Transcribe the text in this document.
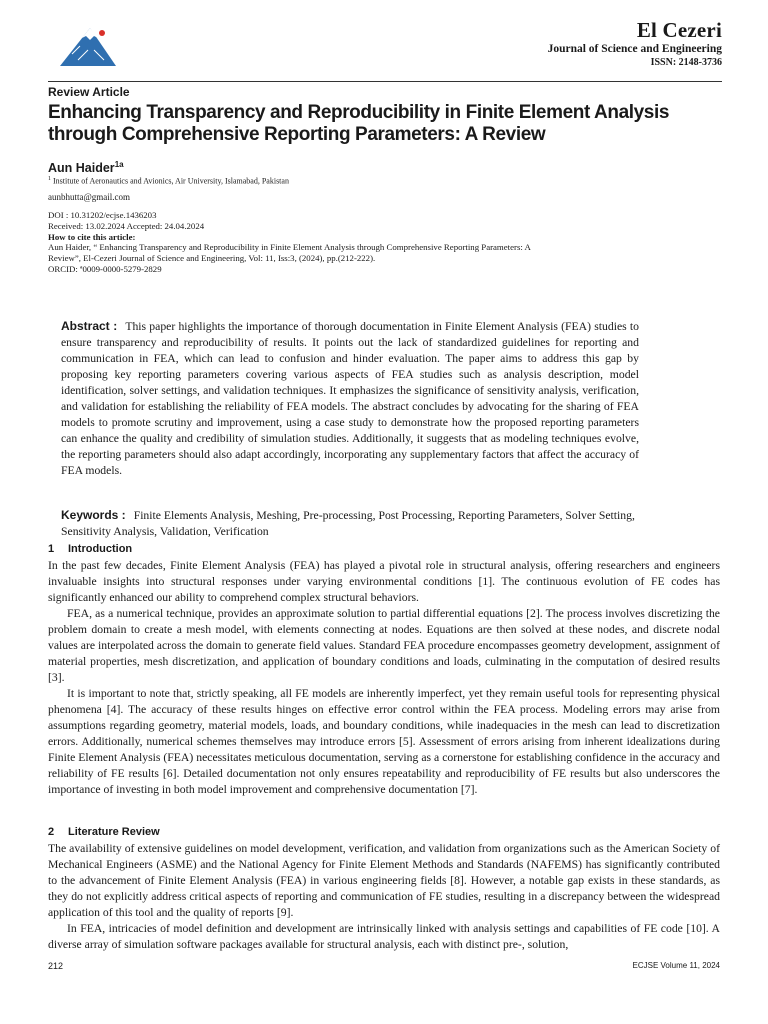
El Cezeri
Journal of Science and Engineering
ISSN: 2148-3736
Review Article
Enhancing Transparency and Reproducibility in Finite Element Analysis through Comprehensive Reporting Parameters: A Review
Aun Haider$^{1a}$
$^1$ Institute of Aeronautics and Avionics, Air University, Islamabad, Pakistan
aunbhutta@gmail.com
DOI : 10.31202/ecjse.1436203
Received: 13.02.2024 Accepted: 24.04.2024
How to cite this article:
Aun Haider, “ Enhancing Transparency and Reproducibility in Finite Element Analysis through Comprehensive Reporting Parameters: A
Review”, El-Cezeri Journal of Science and Engineering, Vol: 11, Iss:3, (2024), pp.(212-222).
ORCID: ª0009-0000-5279-2829
Abstract : This paper highlights the importance of thorough documentation in Finite Element Analysis (FEA) studies to ensure transparency and reproducibility of results. It points out the lack of standardized guidelines for reporting and communication in FEA, which can lead to confusion and hinder evaluation. The paper aims to address this gap by proposing key reporting parameters covering various aspects of FEA studies such as analysis description, model identification, solver settings, and validation techniques. It emphasizes the significance of sensitivity analysis, verification, and validation for establishing the reliability of FEA models. The abstract concludes by advocating for the sharing of FEA models to promote scrutiny and improvement, using a case study to demonstrate how the proposed reporting parameters can enhance the quality and credibility of simulation studies. Additionally, it suggests that as modeling techniques evolve, the reporting parameters should also adapt accordingly, incorporating any supplementary factors that affect the accuracy of FEA models.
Keywords : Finite Elements Analysis, Meshing, Pre-processing, Post Processing, Reporting Parameters, Solver Setting, Sensitivity Analysis, Validation, Verification
1 Introduction

In the past few decades, Finite Element Analysis (FEA) has played a pivotal role in structural analysis, offering researchers and engineers invaluable insights into structural responses under varying environmental conditions [1]. The continuous evolution of FE codes has significantly enhanced our ability to comprehend complex structural behaviors.

FEA, as a numerical technique, provides an approximate solution to partial differential equations [2]. The process involves discretizing the problem domain to create a mesh model, with elements connecting at nodes. Equations are then solved at these nodes, and discrete nodal values are interpolated across the domain to generate field values. Standard FEA procedure encompasses geometry development, assignment of material properties, mesh discretization, and application of boundary conditions and loads, culminating in the computation of desired results [3].

It is important to note that, strictly speaking, all FE models are inherently imperfect, yet they remain useful tools for representing physical phenomena [4]. The accuracy of these results hinges on effective error control within the FEA process. Modeling errors may arise from assumptions regarding geometry, material models, loads, and boundary conditions, while inadequacies in the mesh can lead to discretization errors. Additionally, numerical schemes themselves may introduce errors [5]. Assessment of errors arising from inherent idealizations during Finite Element Analysis (FEA) necessitates meticulous documentation, serving as a cornerstone for establishing confidence in the accuracy and reliability of FE results [6]. Detailed documentation not only ensures repeatability and reproducibility of FE results but also underscores the importance of investing in both model improvement and comprehensive documentation [7].

2 Literature Review

The availability of extensive guidelines on model development, verification, and validation from organizations such as the American Society of Mechanical Engineers (ASME) and the National Agency for Finite Element Methods and Standards (NAFEMS) has significantly contributed to the advancement of Finite Element Analysis (FEA) in various engineering fields [8]. However, a notable gap exists in these standards, as they do not explicitly address critical aspects of reporting and communication of FE studies, resulting in a discrepancy between the widespread application of this tool and the quality of reports [9].

In FEA, intricacies of model definition and development are intrinsically linked with analysis settings and capabilities of FE code [10]. A diverse array of simulation software packages available for structural analysis, each with distinct pre-, solution,

212	ECJSE Volume 11, 2024
